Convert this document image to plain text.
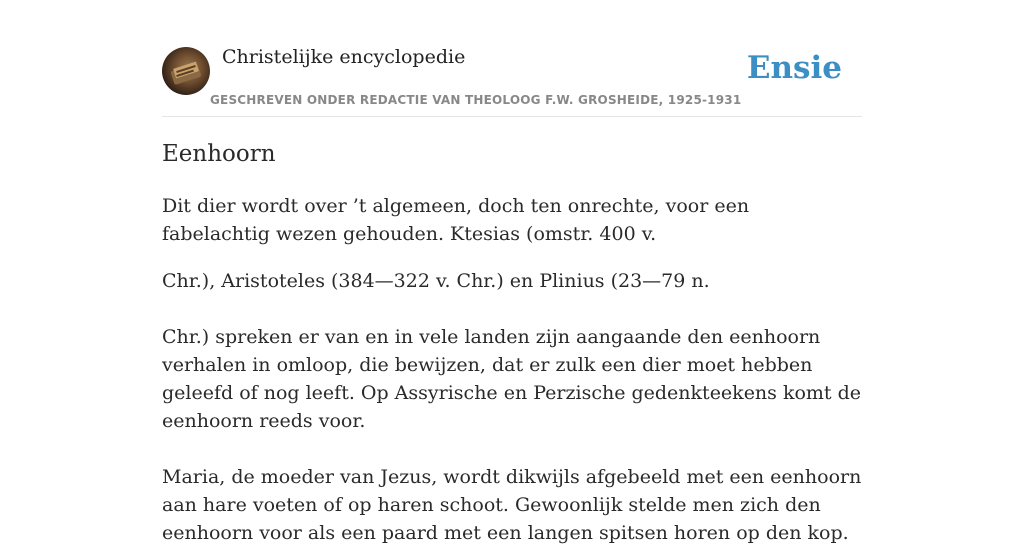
Christelijke encyclopedie
GESCHREVEN ONDER REDACTIE VAN THEOLOOG F.W. GROSHEIDE, 1925-1931
Ensie
Eenhoorn

Dit dier wordt over ’t algemeen, doch ten onrechte, voor een fabelachtig wezen gehouden. Ktesias (omstr. 400 v.

Chr.), Aristoteles (384—322 v. Chr.) en Plinius (23—79 n.

Chr.) spreken er van en in vele landen zijn aangaande den eenhoorn verhalen in omloop, die bewijzen, dat er zulk een dier moet hebben geleefd of nog leeft. Op Assyrische en Perzische gedenkteekens komt de eenhoorn reeds voor.

Maria, de moeder van Jezus, wordt dikwijls afgebeeld met een eenhoorn aan hare voeten of op haren schoot. Gewoonlijk stelde men zich den eenhoorn voor als een paard met een langen spitsen horen op den kop.
